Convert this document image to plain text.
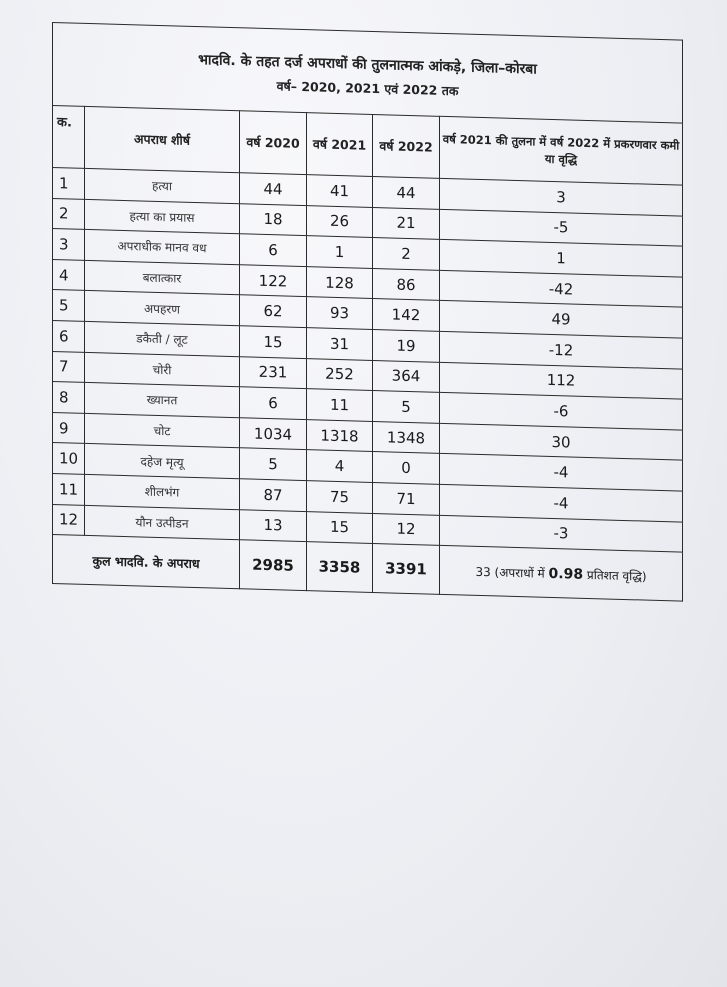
भादवि. के तहत दर्ज अपराधों की तुलनात्मक आंकड़े, जिला–कोरबा
वर्ष– 2020, 2021 एवं 2022 तक					

क.	अपराध शीर्ष	वर्ष 2020	वर्ष 2021	वर्ष 2022	वर्ष 2021 की तुलना में वर्ष 2022 में प्रकरणवार कमी या वृद्धि
1	हत्या	44	41	44	3
2	हत्या का प्रयास	18	26	21	-5
3	अपराधीक मानव वध	6	1	2	1
4	बलात्कार	122	128	86	-42
5	अपहरण	62	93	142	49
6	डकैती / लूट	15	31	19	-12
7	चोरी	231	252	364	112
8	ख्यानत	6	11	5	-6
9	चोट	1034	1318	1348	30
10	दहेज मृत्यू	5	4	0	-4
11	शीलभंग	87	75	71	-4
12	यौन उत्पीडन	13	15	12	-3
कुल भादवि. के अपराध		2985	3358	3391	33 (अपराधों में 0.98 प्रतिशत वृद्धि)
